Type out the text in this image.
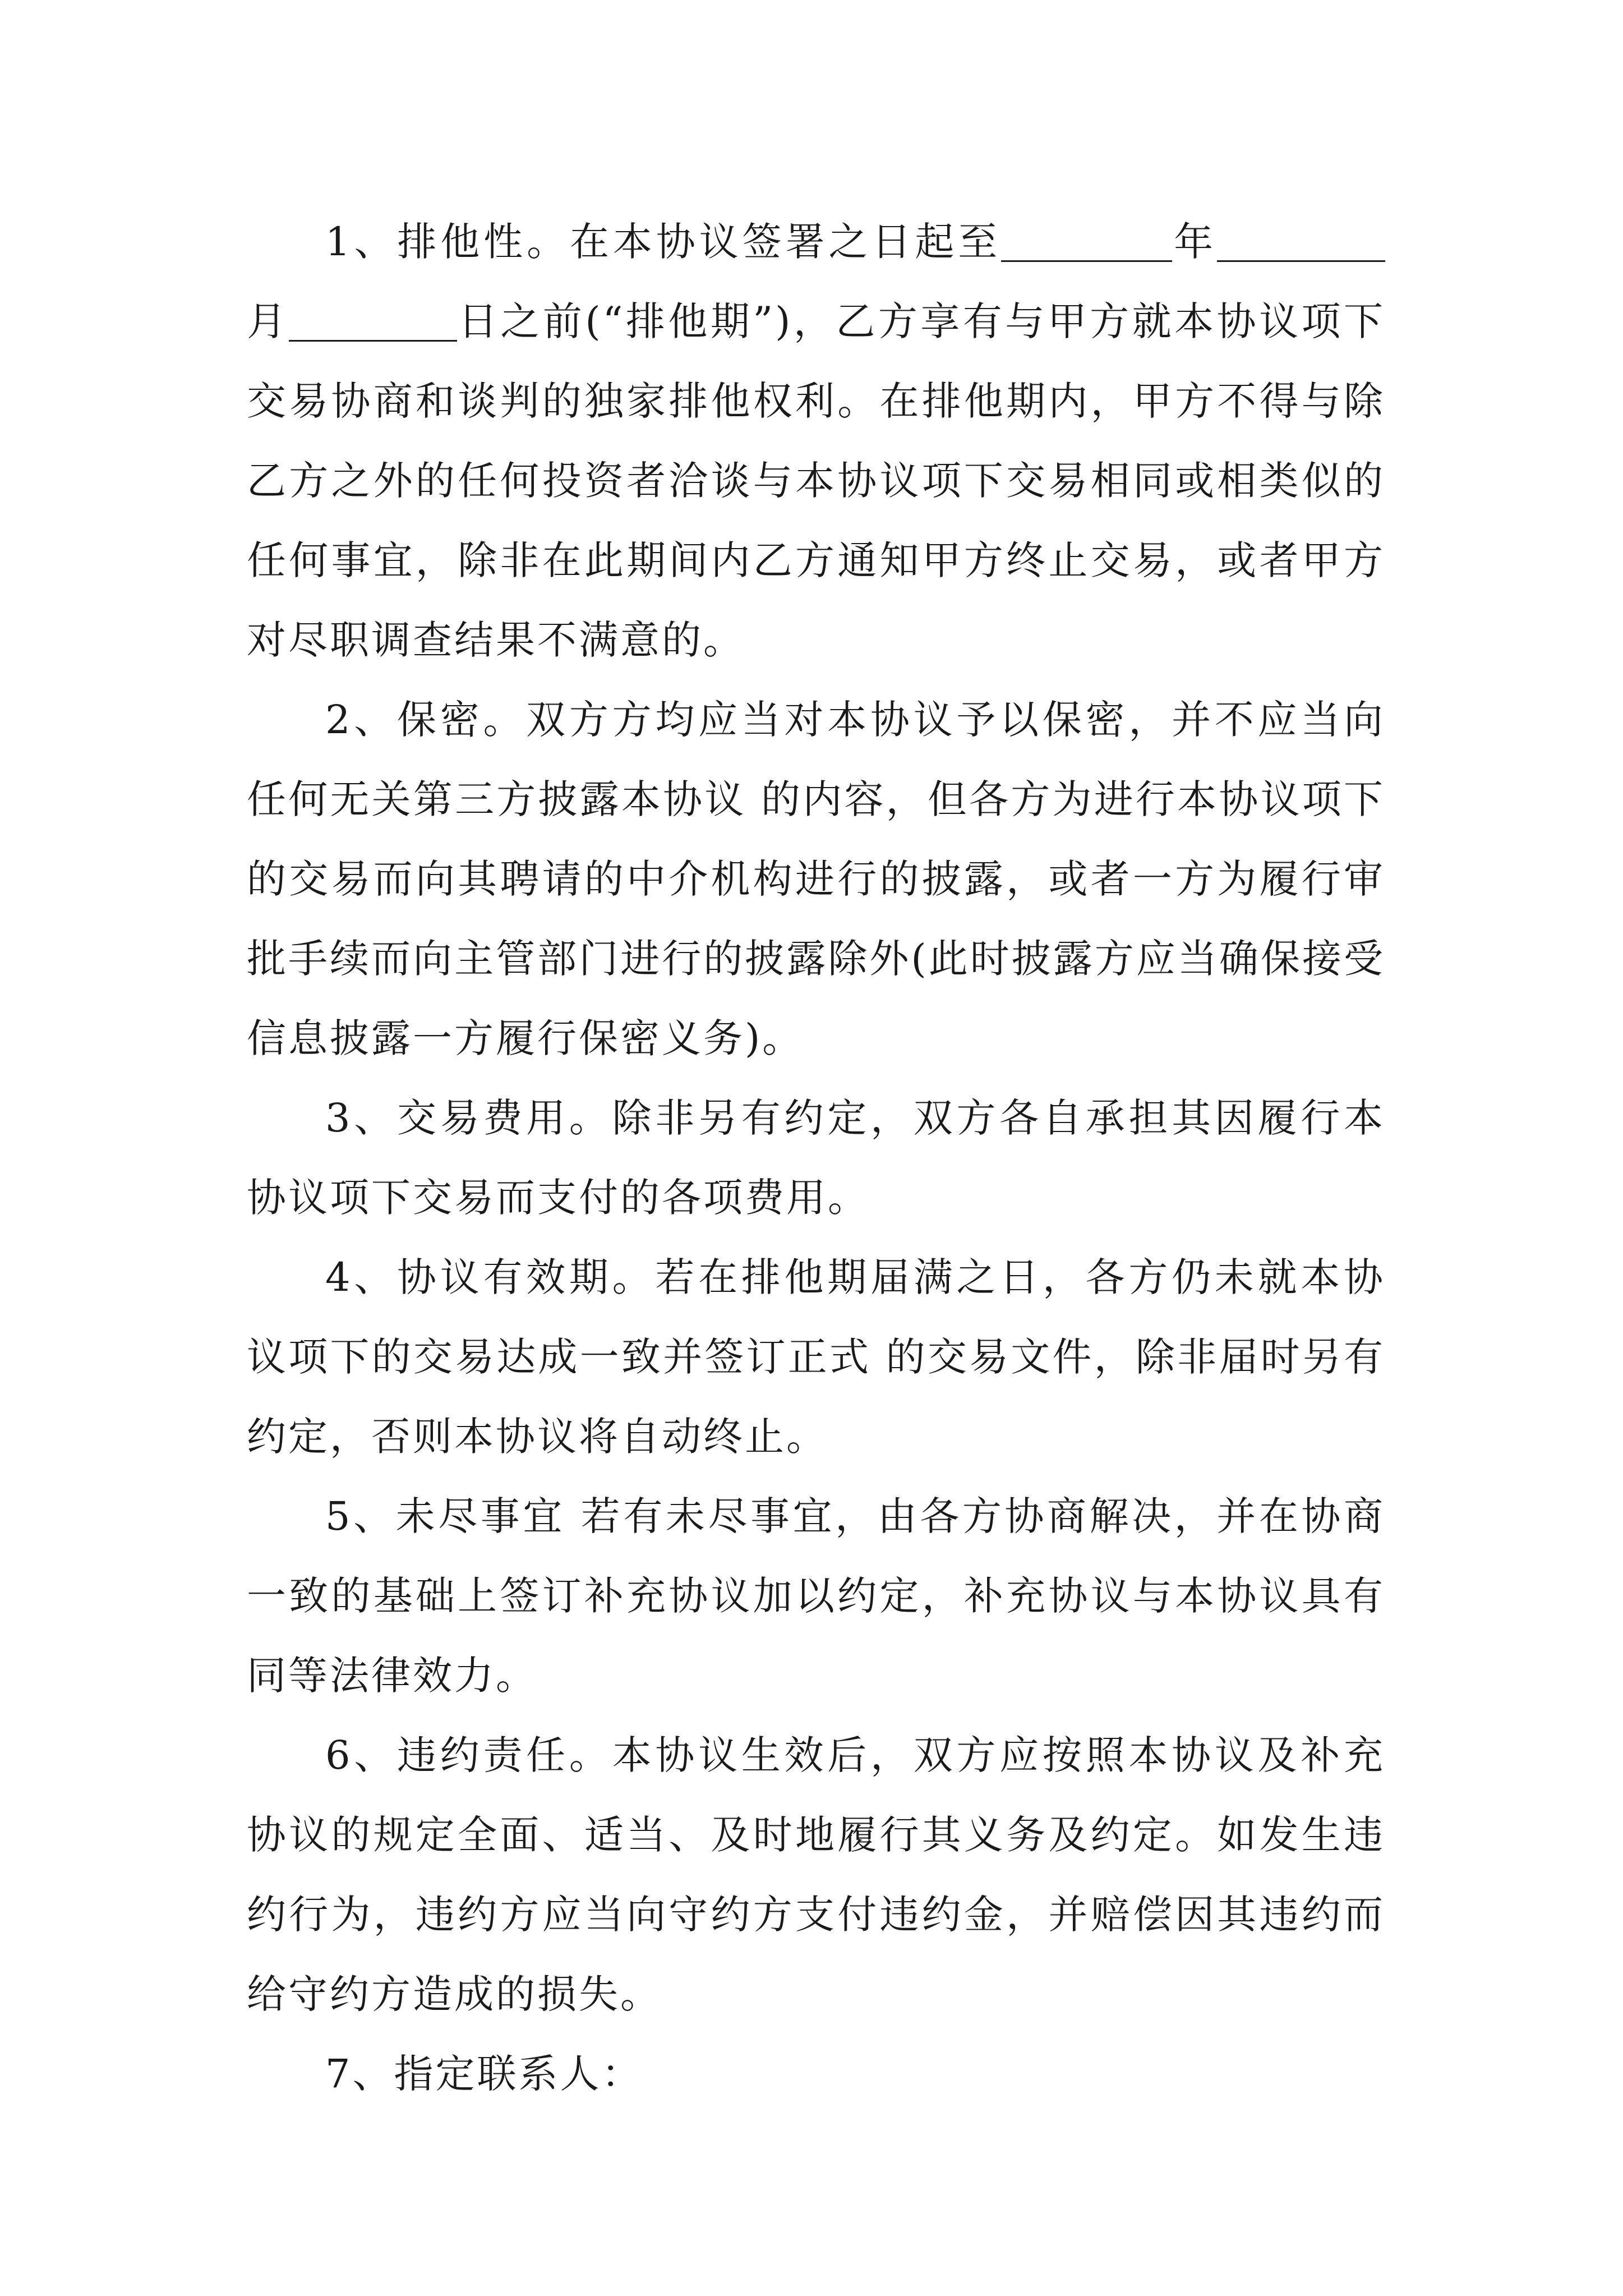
1、排他性。在本协议签署之日起至	年月	日之前(“排他期”)，乙方享有与甲方就本协议项下交易协商和谈判的独家排他权利。在排他期内，甲方不得与除乙方之外的任何投资者洽谈与本协议项下交易相同或相类似的任何事宜，除非在此期间内乙方通知甲方终止交易，或者甲方对尽职调查结果不满意的。

2、保密。双方方均应当对本协议予以保密，并不应当向任何无关第三方披露本协议 的内容，但各方为进行本协议项下的交易而向其聘请的中介机构进行的披露，或者一方为履行审批手续而向主管部门进行的披露除外(此时披露方应当确保接受信息披露一方履行保密义务)。

3、交易费用。除非另有约定，双方各自承担其因履行本协议项下交易而支付的各项费用。

4、协议有效期。若在排他期届满之日，各方仍未就本协议项下的交易达成一致并签订正式 的交易文件，除非届时另有约定，否则本协议将自动终止。

5、未尽事宜 若有未尽事宜，由各方协商解决，并在协商一致的基础上签订补充协议加以约定，补充协议与本协议具有同等法律效力。

6、违约责任。本协议生效后，双方应按照本协议及补充协议的规定全面、适当、及时地履行其义务及约定。如发生违约行为，违约方应当向守约方支付违约金，并赔偿因其违约而给守约方造成的损失。

7、指定联系人：
